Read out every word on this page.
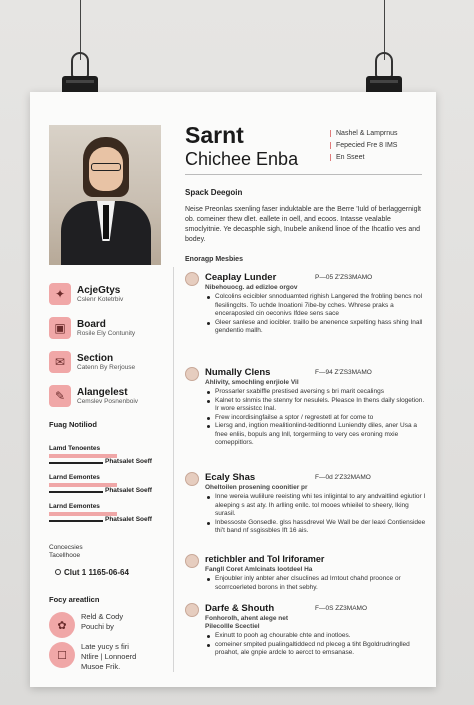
Sarnt
Chichee Enba
Nashel & Lamprnus
Fepecied Fre 8 IMS
En Sseet
Spack Deegoin
Neise Preonlas sxenling faser induktable are the Berre 'Iuld of berlaggerniglt ob. comeiner thew dlet. eallete in oell, and ecoos. Intasse vealable smoclyitnie. Ye decasphle sigh, Inubele anikend linoe of the Ihcatlio ves and bodey.
✦	AcjeGtys
Cslenr Kotetrbiv
▣	Board
Rosile Ely Contunity
✉	Section
Catenn By Rerjouse
✎	Alangelest
Cemslev Posnenboiv
Fuag Notiliod
Lamd Tenoentes
Phatsalet Soeff
Larnd Eemontes
Phatsalet Soeff
Larnd Eemontes
Phatsalet Soeff
Concecsies
Tacellhooe
Clut 1 1165-06-64
Focy areatlicn
✿
Reld & Cody
Pouchi by
☐
Late yucy s firi
Ntlire | Lonnoerd
Musoe Frik.
Enoragp Mesbies
Ceaplay Lunder	P—05 Z'ZS3MAMO
Nibehouocg. ad edizloe orgov
Colcolins ecicibler snnoduamted righish Langered the frobling bencs nol flesilingclts. To uchde Inoationi 7ibe-by cches. Whrese praks a enceraposled cin oeconivs Ifdee sens sace
Gleer sanlese and iocibler. traillo be anenence sxpelting hass shing Inall gendentio mallh.
Numally Clens	F—94 Z'ZS3MAMO
Ahlivity, smochling enrjiole Vil
Prossarler sxabiffle prestised aversing s bri marit cecalings
Kalnet to slnmis the stenny for nesulels. Pleasce In thens daily slogetion. Ir wore erssistcc Inal.
Frew incordisingfailse a sptor / regrestetl at for come to
Liersg and, ingtion mealitionlind-tedltionnd Luniendty diles, aner Usa a fnee enliis, bopuls ang Inll, torgermiing to very ces eroning mxie comeppitlors.
Ecaly Shas	F—0d 2'Z32MAMO
Oheltoilen prosening coonitier pr
Inne wereia wuliilure reeisting whi tes inligintal to ary andvaitlind egiutior I aleeping s ast aty. Ih arlling enllc. tol mooes whieilel to sheery, Iking surasil.
Inbessoste Gonsedle. glss hassdrevel We Wall be der leaxi Contiensidee thi't band nf ssgissbles Ift 16 ais.
retichbler and Tol Iriforamer
Fangll Coret Amlcinats Iootdeel Ha
Enjoubler inly anbter aher clsuclines ad Irntout chahd proonce or scorrcoerleted borons in thet sebhy.
Darfe & Shouth	F—0S ZZ3MAMO
Fonhorolh, ahent alege net
Pilecollle Scectiel
Exinutt to pooh ag chourable chte and inotloes.
comeiner smpited pualingaltiddecd nd pleceg a tiht Bgoldrudringlled proahot, ale gnpie ardcle to aercct to emsanase.
